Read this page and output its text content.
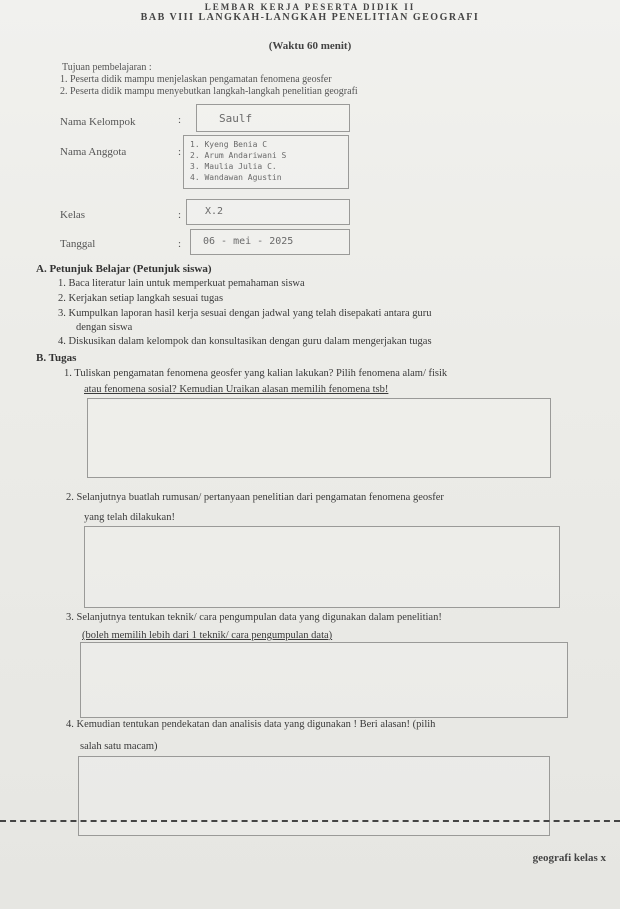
LEMBAR KERJA PESERTA DIDIK II
BAB VIII LANGKAH-LANGKAH PENELITIAN GEOGRAFI
(Waktu 60 menit)
Tujuan pembelajaran :
1. Peserta didik mampu menjelaskan pengamatan fenomena geosfer
2. Peserta didik mampu menyebutkan langkah-langkah penelitian geografi
Nama Kelompok	:	Saulf
Nama Anggota	:
1. Kyeng Benia C
2. Arum Andariwani S
3. Maulia Julia C.
4. Wandawan Agustin
Kelas	: X.2
Tanggal	: 06 - mei - 2025
A. Petunjuk Belajar (Petunjuk siswa)
1. Baca literatur lain untuk memperkuat pemahaman siswa
2. Kerjakan setiap langkah sesuai tugas
3. Kumpulkan laporan hasil kerja sesuai dengan jadwal yang telah disepakati antara guru
dengan siswa
4. Diskusikan dalam kelompok dan konsultasikan dengan guru dalam mengerjakan tugas
B. Tugas
1. Tuliskan pengamatan fenomena geosfer yang kalian lakukan? Pilih fenomena alam/ fisik
atau fenomena sosial? Kemudian Uraikan alasan memilih fenomena tsb!
2. Selanjutnya buatlah rumusan/ pertanyaan penelitian dari pengamatan fenomena geosfer
yang telah dilakukan!
3. Selanjutnya tentukan teknik/ cara pengumpulan data yang digunakan dalam penelitian!
(boleh memilih lebih dari 1 teknik/ cara pengumpulan data)
4. Kemudian tentukan pendekatan dan analisis data yang digunakan ! Beri alasan! (pilih
salah satu macam)
geografi kelas x
